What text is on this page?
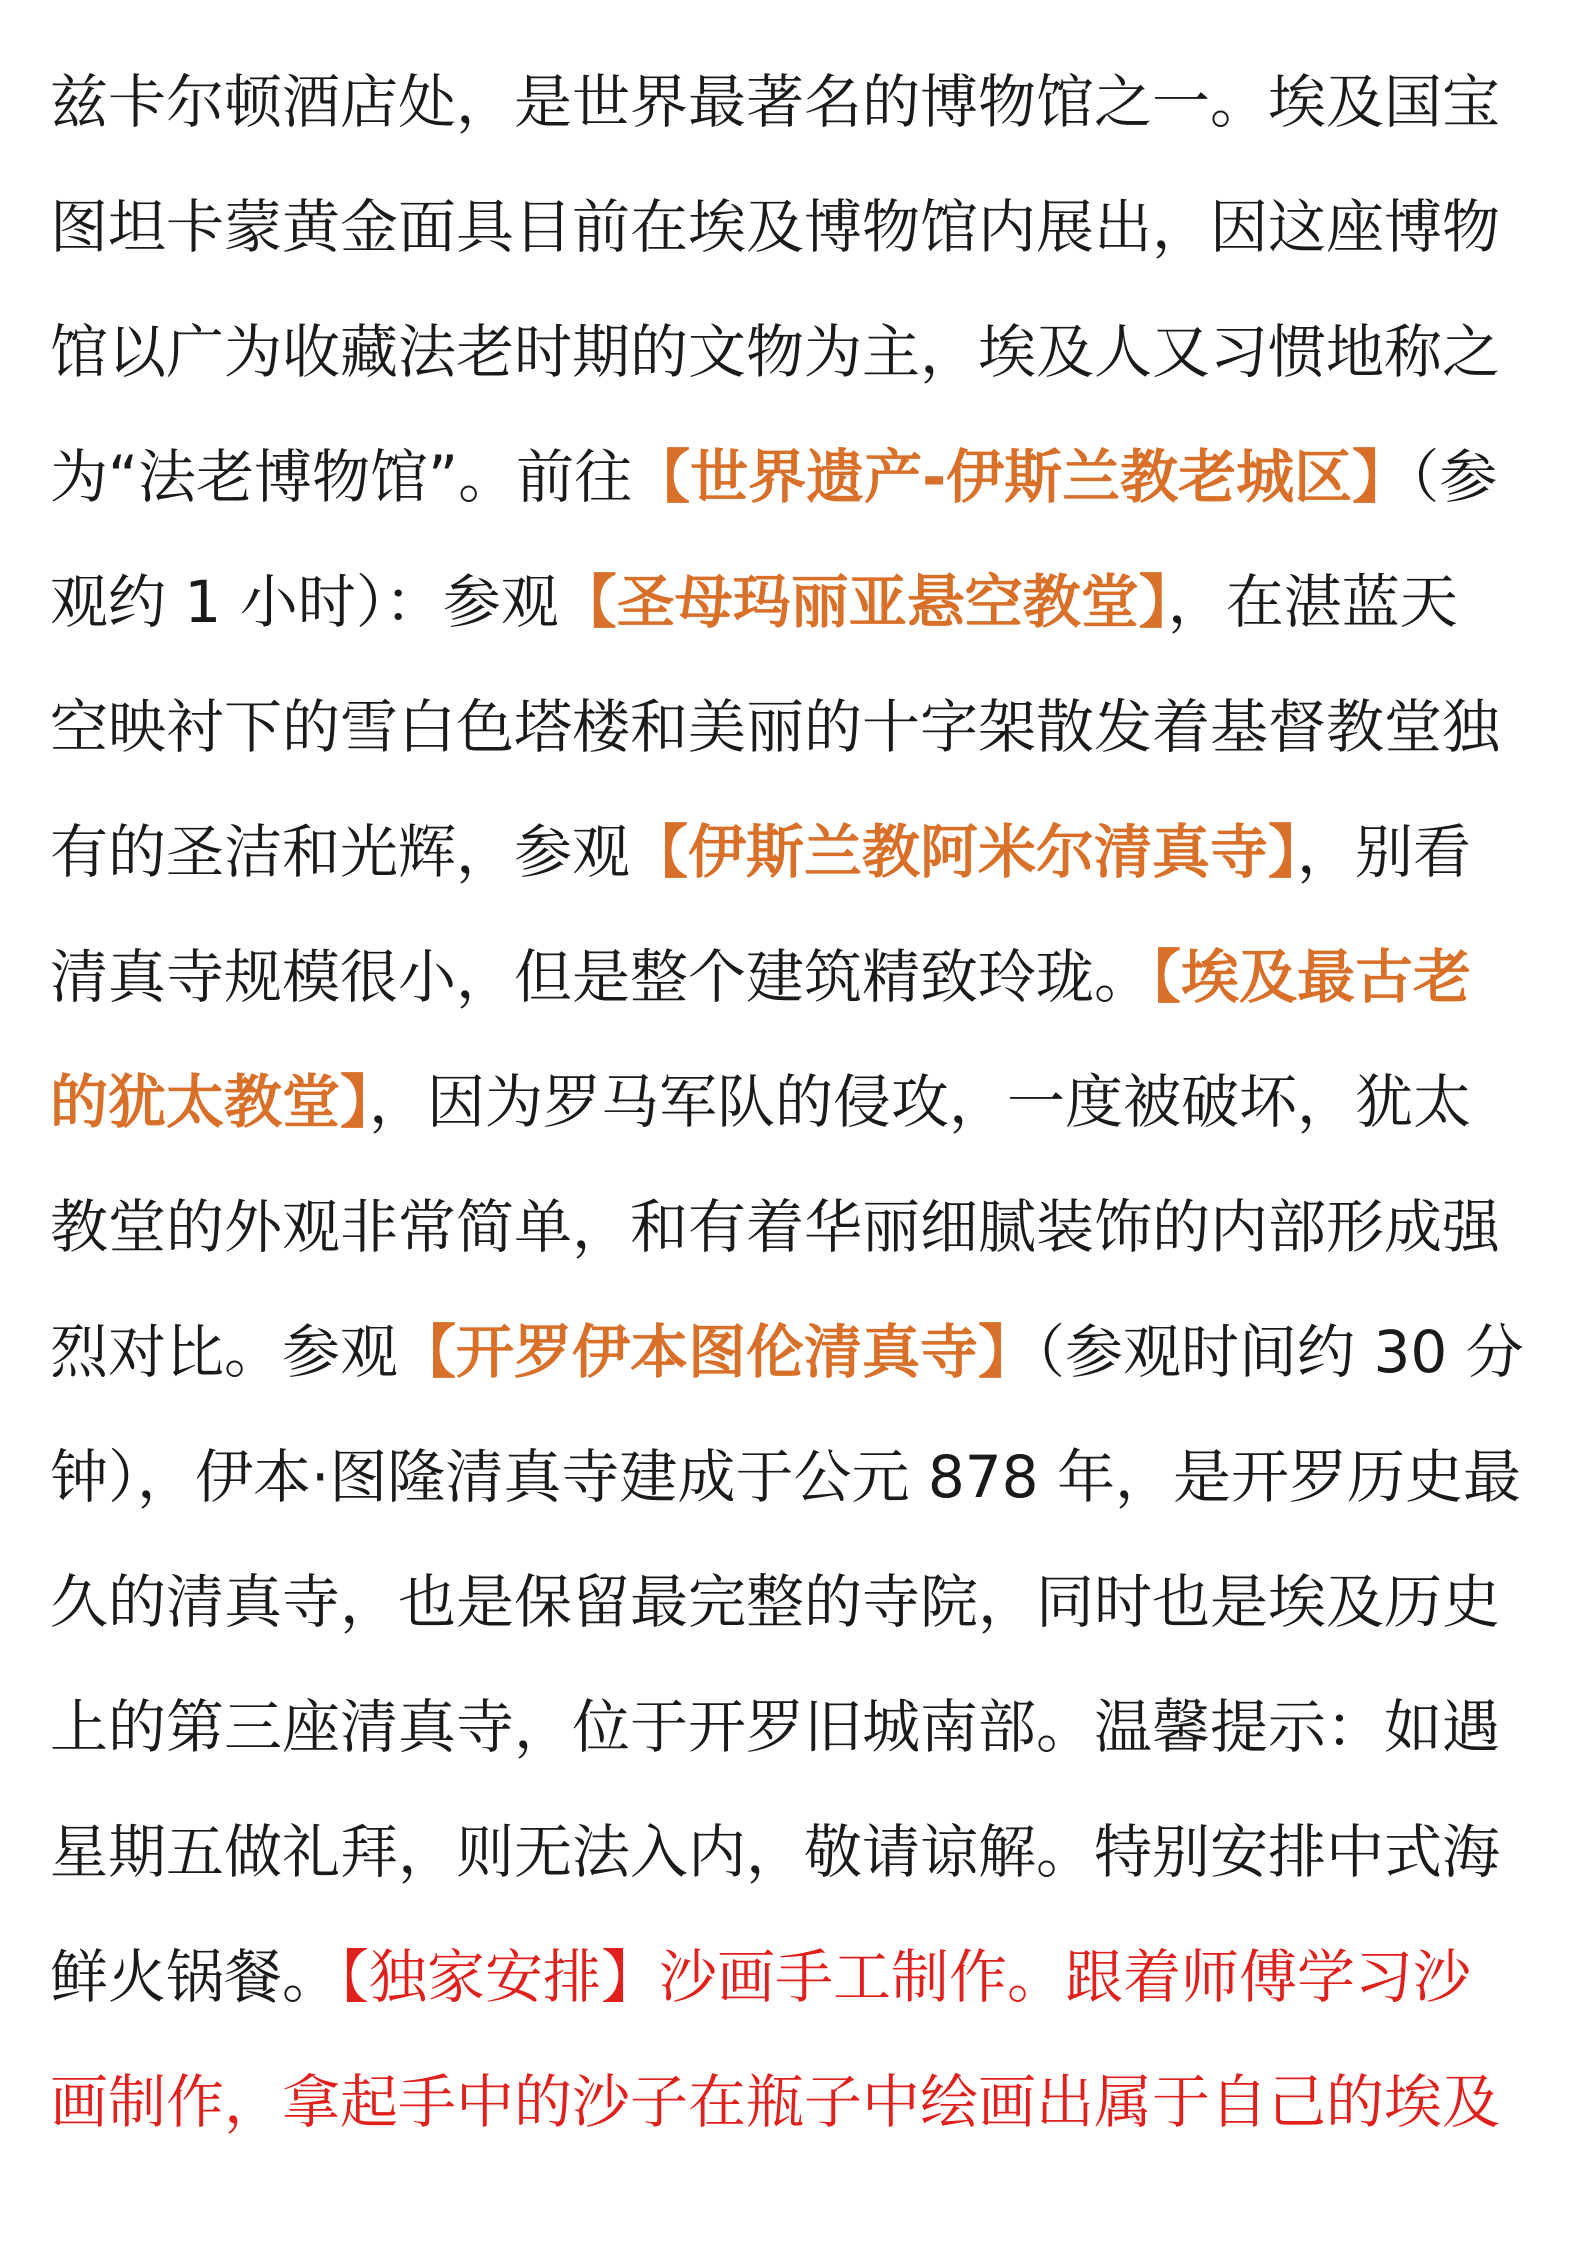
兹卡尔顿酒店处，是世界最著名的博物馆之一。埃及国宝
图坦卡蒙黄金面具目前在埃及博物馆内展出，因这座博物
馆以广为收藏法老时期的文物为主，埃及人又习惯地称之
为“法老博物馆”。前往【世界遗产-伊斯兰教老城区】（参
观约 1 小时）：参观【圣母玛丽亚悬空教堂】，在湛蓝天
空映衬下的雪白色塔楼和美丽的十字架散发着基督教堂独
有的圣洁和光辉，参观【伊斯兰教阿米尔清真寺】，别看
清真寺规模很小，但是整个建筑精致玲珑。【埃及最古老
的犹太教堂】，因为罗马军队的侵攻，一度被破坏，犹太
教堂的外观非常简单，和有着华丽细腻装饰的内部形成强
烈对比。参观【开罗伊本图伦清真寺】（参观时间约 30 分
钟），伊本·图隆清真寺建成于公元 878 年，是开罗历史最
久的清真寺，也是保留最完整的寺院，同时也是埃及历史
上的第三座清真寺，位于开罗旧城南部。温馨提示：如遇
星期五做礼拜，则无法入内，敬请谅解。特别安排中式海
鲜火锅餐。【独家安排】沙画手工制作。跟着师傅学习沙
画制作，拿起手中的沙子在瓶子中绘画出属于自己的埃及
